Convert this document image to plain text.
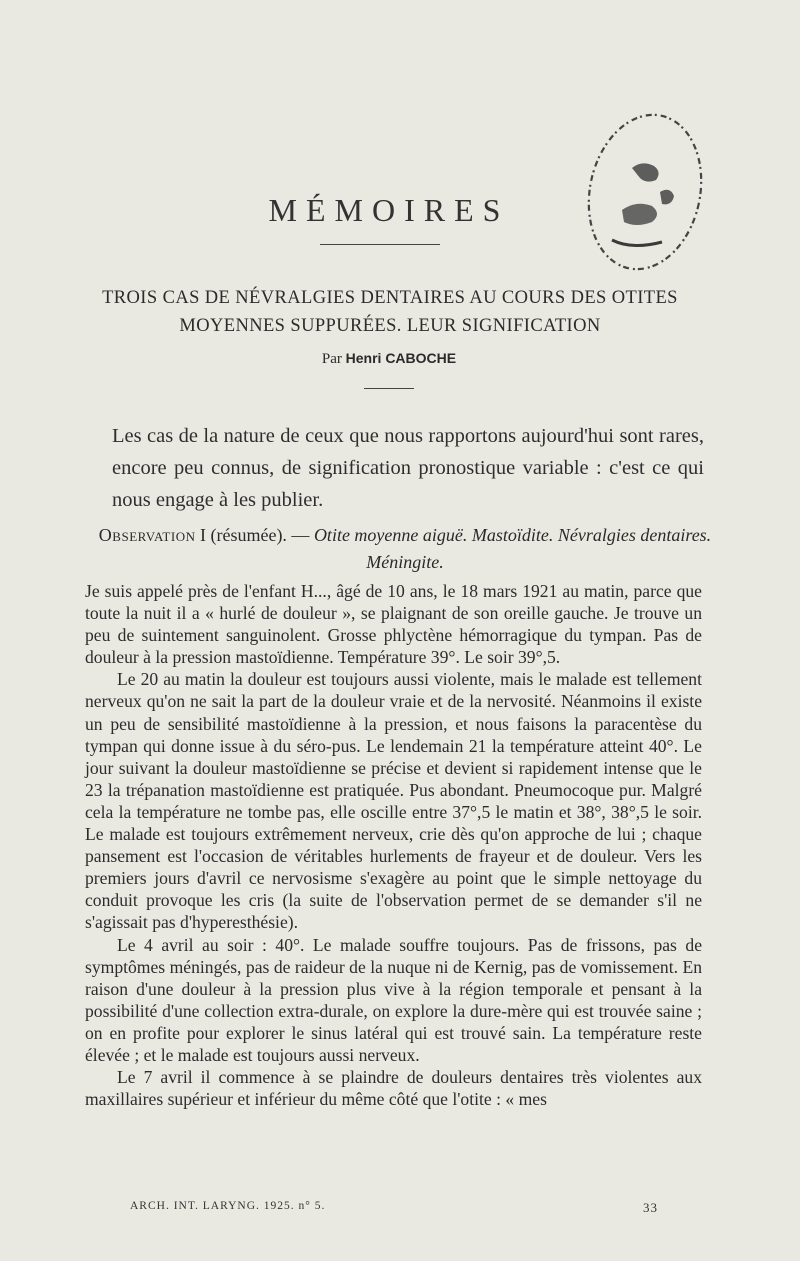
MÉMOIRES
TROIS CAS DE NÉVRALGIES DENTAIRES AU COURS DES OTITES MOYENNES SUPPURÉES. LEUR SIGNIFICATION
Par Henri CABOCHE
Les cas de la nature de ceux que nous rapportons aujourd'hui sont rares, encore peu connus, de signification pronostique variable : c'est ce qui nous engage à les publier.
Observation I (résumée). — Otite moyenne aiguë. Mastoïdite. Névralgies dentaires. Méningite.

Je suis appelé près de l'enfant H..., âgé de 10 ans, le 18 mars 1921 au matin, parce que toute la nuit il a « hurlé de douleur », se plaignant de son oreille gauche. Je trouve un peu de suintement sanguinolent. Grosse phlyctène hémorragique du tympan. Pas de douleur à la pression mastoïdienne. Température 39°. Le soir 39°,5.

Le 20 au matin la douleur est toujours aussi violente, mais le malade est tellement nerveux qu'on ne sait la part de la douleur vraie et de la nervosité. Néanmoins il existe un peu de sensibilité mastoïdienne à la pression, et nous faisons la paracentèse du tympan qui donne issue à du séro-pus. Le lendemain 21 la température atteint 40°. Le jour suivant la douleur mastoïdienne se précise et devient si rapidement intense que le 23 la trépanation mastoïdienne est pratiquée. Pus abondant. Pneumocoque pur. Malgré cela la température ne tombe pas, elle oscille entre 37°,5 le matin et 38°, 38°,5 le soir. Le malade est toujours extrêmement nerveux, crie dès qu'on approche de lui ; chaque pansement est l'occasion de véritables hurlements de frayeur et de douleur. Vers les premiers jours d'avril ce nervosisme s'exagère au point que le simple nettoyage du conduit provoque les cris (la suite de l'observation permet de se demander s'il ne s'agissait pas d'hyperesthésie).

Le 4 avril au soir : 40°. Le malade souffre toujours. Pas de frissons, pas de symptômes méningés, pas de raideur de la nuque ni de Kernig, pas de vomissement. En raison d'une douleur à la pression plus vive à la région temporale et pensant à la possibilité d'une collection extra-durale, on explore la dure-mère qui est trouvée saine ; on en profite pour explorer le sinus latéral qui est trouvé sain. La température reste élevée ; et le malade est toujours aussi nerveux.

Le 7 avril il commence à se plaindre de douleurs dentaires très violentes aux maxillaires supérieur et inférieur du même côté que l'otite : « mes

ARCH. INT. LARYNG. 1925. n° 5.	33
